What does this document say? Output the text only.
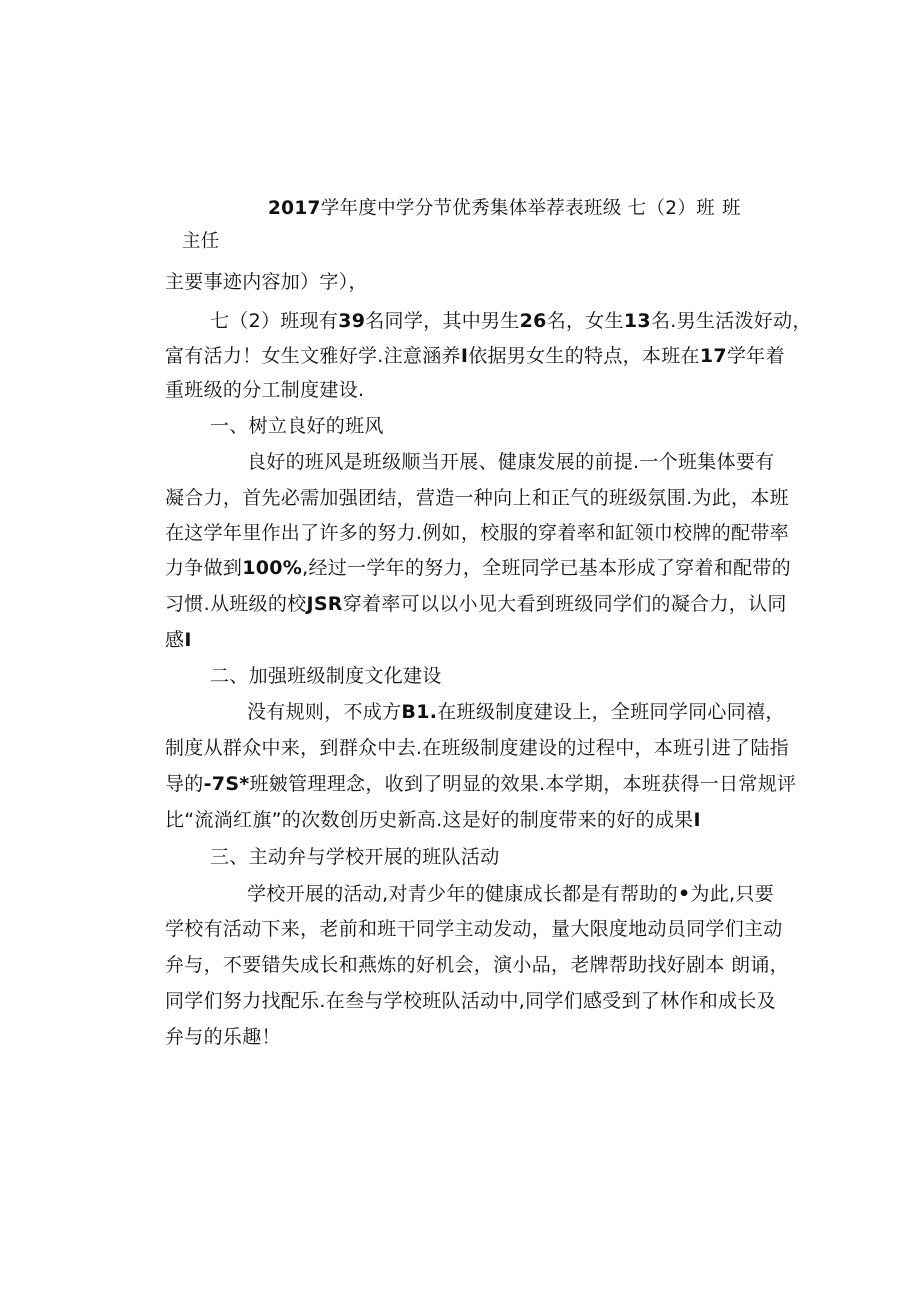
2017学年度中学分节优秀集体举荐表班级 七（2）班 班
主任
主要事迹内容加）字），
七（2）班现有39名同学，其中男生26名，女生13名.男生活泼好动，
富有活力！女生文雅好学.注意涵养I依据男女生的特点，本班在17学年着
重班级的分工制度建设.
一、树立良好的班风
良好的班风是班级顺当开展、健康发展的前提.一个班集体要有
凝合力，首先必需加强团结，营造一种向上和正气的班级氛围.为此，本班
在这学年里作出了许多的努力.例如，校服的穿着率和缸领巾校牌的配带率
力争做到100%,经过一学年的努力，全班同学已基本形成了穿着和配带的
习惯.从班级的校JSR穿着率可以以小见大看到班级同学们的凝合力，认同
感I
二、加强班级制度文化建设
没有规则，不成方B1.在班级制度建设上，全班同学同心同禧，
制度从群众中来，到群众中去.在班级制度建设的过程中，本班引进了陆指
导的-7S*班皴管理理念，收到了明显的效果.本学期，本班获得一日常规评
比“流淌红旗”的次数创历史新高.这是好的制度带来的好的成果I
三、主动弁与学校开展的班队活动
学校开展的活动,对青少年的健康成长都是有帮助的•为此,只要
学校有活动下来，老前和班干同学主动发动，量大限度地动员同学们主动
弁与，不要错失成长和燕炼的好机会，演小品，老牌帮助找好剧本 朗诵，
同学们努力找配乐.在叁与学校班队活动中,同学们感受到了林作和成长及
弁与的乐趣！
